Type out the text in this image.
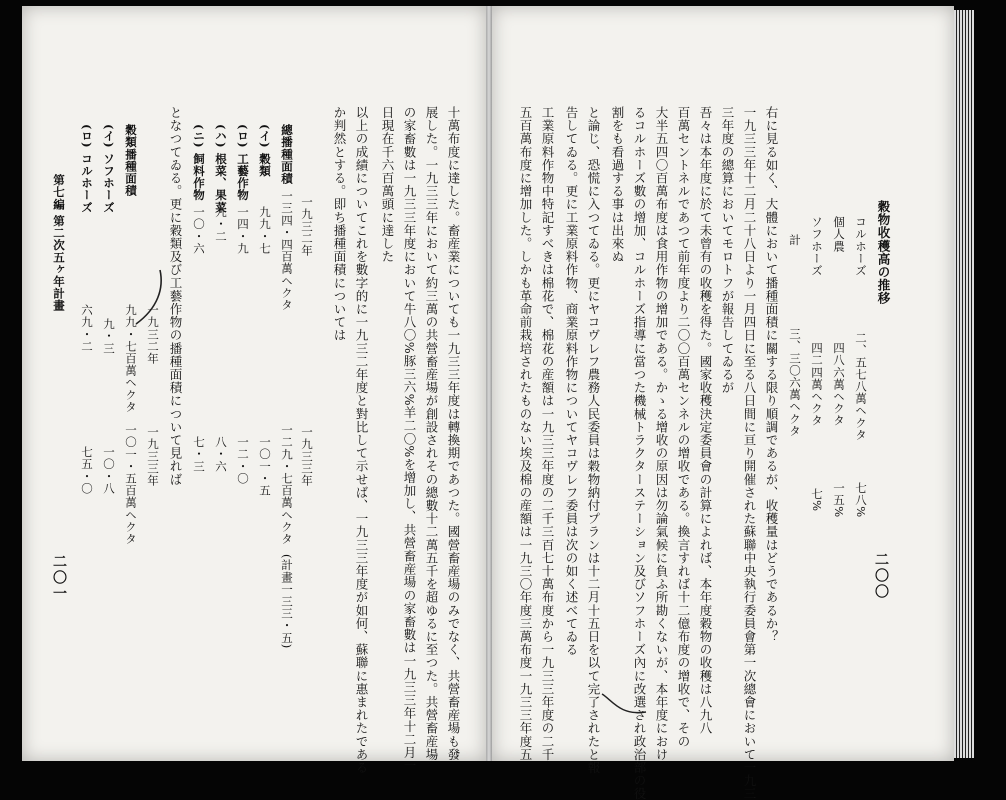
十萬布度に達した。畜産業についても一九三三年度は轉換期であつた。國營畜産場のみでなく、共營畜産場も發
展した。一九三三年において約三萬の共營畜産場が創設されその總數十二萬五千を超ゆるに至つた。共營畜産場
の家畜數は一九三三年度において牛八〇%豚三六%羊二〇%を增加し、共營畜産場の家畜數は一九三三年十二月一
日現在千六百萬頭に達した
以上の成績についてこれを數字的に一九三二年度と對比して示せば、一九三三年度が如何、蘇聯に惠まれたである
か判然とする。即ち播種面積については
一九三二年
一九三三年
總播種面積
一三四・四百萬ヘクタ
一二九・七百萬ヘクタ
(計畫一三三・五)
(イ) 穀類
九九・七
一〇一・五
(ロ) 工藝作物
一四・九
一二・〇
(ハ) 根菜、果菜
九・二
八・六
(ニ) 飼料作物
一〇・六
七・三
となつてゐる。更に穀類及び工藝作物の播種面積について見れば
一九三二年
一九三三年
穀類播種面積
九九・七百萬ヘクタ
一〇一・五百萬ヘクタ
(イ) ソフホーズ
九・三
一〇・八
(ロ) コルホーズ
六九・二
七五・〇
第七編 第二次五ヶ年計畫
二〇一	二〇〇
穀物收穫高の推移
コルホーズ
二、五七八萬ヘクタ
七八%
個人農
四八六萬ヘクタ
一五%
ソフホーズ
四二四萬ヘクタ
七%
計
三、三〇六萬ヘクタ
右に見る如く、大體において播種面積に關する限り順調であるが、收穫量はどうであるか？
一九三三年十二月二十八日より一月四日に至る八日間に亘り開催された蘇聯中央執行委員會第一次總會において一九三
三年度の總算においてモロトフが報告してゐるが
吾々は本年度に於て未曾有の收穫を得た。國家收穫決定委員會の計算によれば、本年度穀物の收穫は八九八
百萬セントネルであつて前年度より二〇〇百萬センネルの增收である。換言すれば十二億布度の增收で、その
大半五四〇百萬布度は食用作物の增加である。かゝる增收の原因は勿論氣候に負ふ所勘くないが、本年度におけ
るコルホーズ數の增加、コルホーズ指導に當つた機械トラクターステーション及びソフホーズ內に改選され政治部の役
割をも看過する事は出來ぬ
と論じ、恐慌に入つてゐる。更にヤコヴレフ農務人民委員は穀物納付プランは十二月十五日を以て完了されたと報
告してゐる。更に工業原料作物、商業原料作物についてヤコヴレフ委員は次の如く述べてゐる
工業原料作物中特記すべきは棉花で、棉花の産額は一九三三年度の二千三百七十萬布度から一九三三年度の二千
五百萬布度に增加した。しかも革命前栽培されたものない埃及棉の産額は一九三〇年度三萬布度一九三三年度五
